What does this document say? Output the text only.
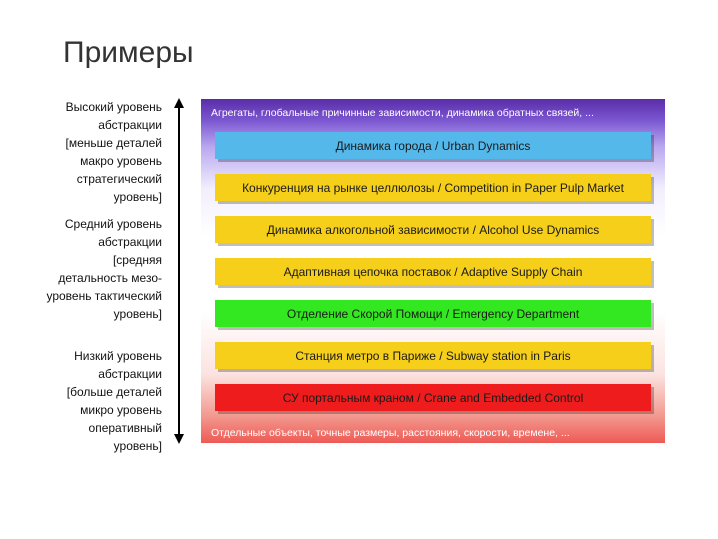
Примеры
Высокий уровень
абстракции
[меньше деталей
макро уровень
стратегический
уровень]
Средний уровень
абстракции
[средняя
детальность мезо-
уровень тактический
уровень]
Низкий уровень
абстракции
[больше деталей
микро уровень
оперативный
уровень]
Агрегаты, глобальные причинные зависимости, динамика обратных связей, ...
Динамика города / Urban Dynamics
Конкуренция на рынке целлюлозы / Competition in Paper Pulp Market
Динамика алкогольной зависимости / Alcohol Use Dynamics
Адаптивная цепочка поставок / Adaptive Supply Chain
Отделение Скорой Помощи / Emergency Department
Станция метро в Париже / Subway station in Paris
СУ портальным краном / Crane and Embedded Control
Отдельные объекты, точные размеры, расстояния, скорости, времене, ...
